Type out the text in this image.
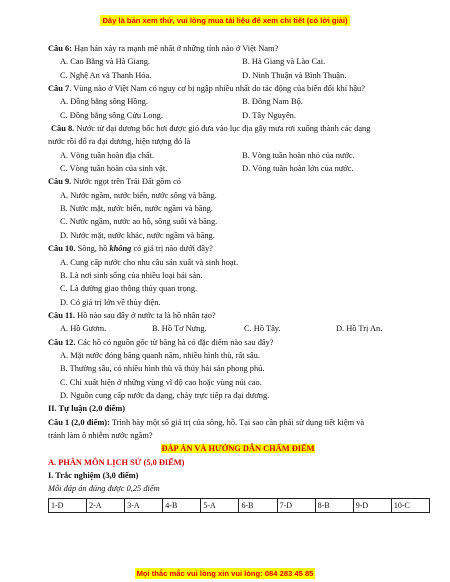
Đây là bản xem thử, vui lòng mua tài liệu để xem chi tiết (có lời giải)
Câu 6: Hạn hán xảy ra mạnh mẽ nhất ở những tỉnh nào ở Việt Nam?
A. Cao Bằng và Hà Giang.	B. Hà Giang và Lào Cai.
C. Nghệ An và Thanh Hóa.	D. Ninh Thuận và Bình Thuận.
Câu 7. Vùng nào ở Việt Nam có nguy cơ bị ngập nhiều nhất do tác động của biến đổi khí hậu?
A. Đồng bằng sông Hồng.	B. Đông Nam Bộ.
C. Đồng bằng sông Cửu Long.	D. Tây Nguyên.
Câu 8. Nước từ đại dương bốc hơi được gió đưa vào lục địa gây mưa rơi xuống thành các dạng
nước rồi đổ ra đại dương, hiện tượng đó là
A. Vòng tuần hoàn địa chất.	B. Vòng tuần hoàn nhỏ của nước.
C. Vòng tuần hoàn của sinh vật.	D. Vòng tuần hoàn lớn của nước.
Câu 9. Nước ngọt trên Trái Đất gồm có
A. Nước ngầm, nước biển, nước sông và băng.
B. Nước mặt, nước biển, nước ngầm và băng.
C. Nước ngầm, nước ao hồ, sông suối và băng.
D. Nước mặt, nước khác, nước ngầm và băng.
Câu 10. Sông, hồ không có giá trị nào dưới đây?
A. Cung cấp nước cho nhu cầu sản xuất và sinh hoạt.
B. Là nơi sinh sống của nhiều loại hải sản.
C. Là đường giao thông thủy quan trọng.
D. Có giá trị lớn về thủy điện.
Câu 11. Hồ nào sau đây ở nước ta là hồ nhân tạo?
A. Hồ Gươm.	B. Hồ Tơ Nưng.	C. Hồ Tây.	D. Hồ Trị An.
Câu 12. Các hồ có nguồn gốc từ băng hà có đặc điểm nào sau đây?
A. Mặt nước đóng băng quanh năm, nhiều hình thù, rất sâu.
B. Thường sâu, có nhiều hình thù và thủy hải sản phong phú.
C. Chỉ xuất hiện ở những vùng vĩ độ cao hoặc vùng núi cao.
D. Nguồn cung cấp nước đa dạng, chảy trực tiếp ra đại dương.
II. Tự luận (2,0 điểm)
Câu 1 (2,0 điểm): Trình bày một số giá trị của sông, hồ. Tại sao cần phải sử dụng tiết kiệm và
tránh làm ô nhiễm nước ngầm?
ĐÁP ÁN VÀ HƯỚNG DẪN CHẤM ĐIỂM
A. PHÂN MÔN LỊCH SỬ (5,0 ĐIỂM)
I. Trắc nghiệm (3,0 điểm)
Mỗi đáp án đúng được 0,25 điểm
1-D	2-A	3-A	4-B	5-A	6-B	7-D	8-B	9-D	10-C
Mọi thắc mắc vui lòng xin vui lòng: 084 283 45 85
